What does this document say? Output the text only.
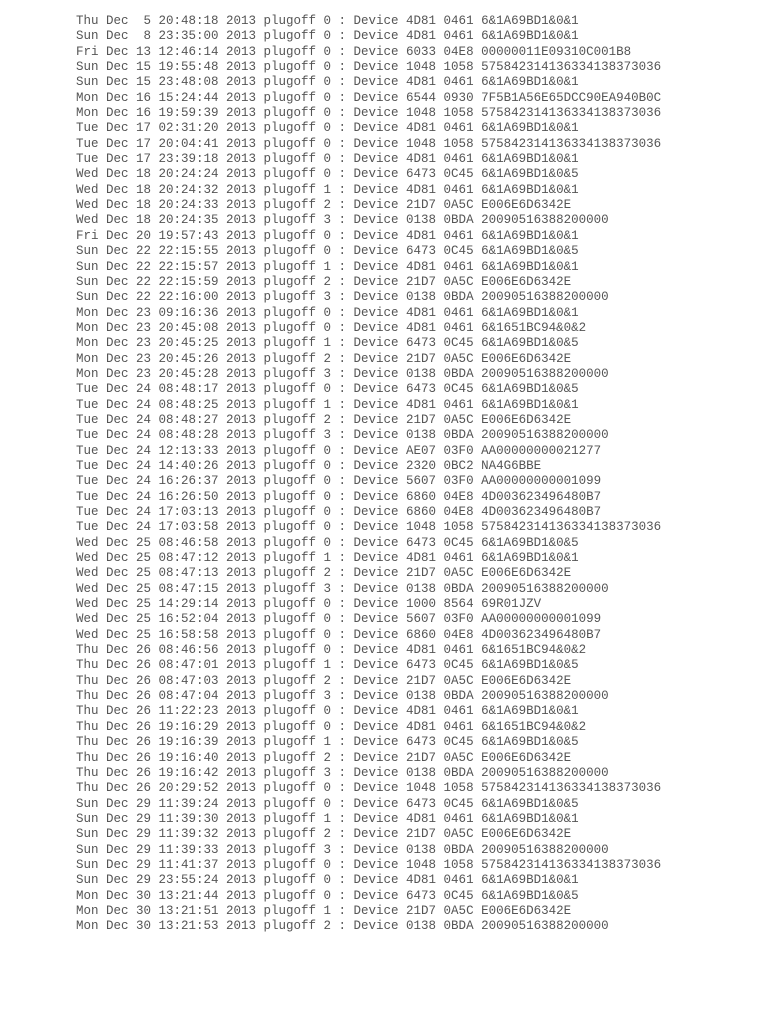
Thu Dec  5 20:48:18 2013 plugoff 0 : Device 4D81 0461 6&1A69BD1&0&1
Sun Dec  8 23:35:00 2013 plugoff 0 : Device 4D81 0461 6&1A69BD1&0&1
Fri Dec 13 12:46:14 2013 plugoff 0 : Device 6033 04E8 00000011E09310C001B8
Sun Dec 15 19:55:48 2013 plugoff 0 : Device 1048 1058 575842314136334138373036
Sun Dec 15 23:48:08 2013 plugoff 0 : Device 4D81 0461 6&1A69BD1&0&1
Mon Dec 16 15:24:44 2013 plugoff 0 : Device 6544 0930 7F5B1A56E65DCC90EA940B0C
Mon Dec 16 19:59:39 2013 plugoff 0 : Device 1048 1058 575842314136334138373036
Tue Dec 17 02:31:20 2013 plugoff 0 : Device 4D81 0461 6&1A69BD1&0&1
Tue Dec 17 20:04:41 2013 plugoff 0 : Device 1048 1058 575842314136334138373036
Tue Dec 17 23:39:18 2013 plugoff 0 : Device 4D81 0461 6&1A69BD1&0&1
Wed Dec 18 20:24:24 2013 plugoff 0 : Device 6473 0C45 6&1A69BD1&0&5
Wed Dec 18 20:24:32 2013 plugoff 1 : Device 4D81 0461 6&1A69BD1&0&1
Wed Dec 18 20:24:33 2013 plugoff 2 : Device 21D7 0A5C E006E6D6342E
Wed Dec 18 20:24:35 2013 plugoff 3 : Device 0138 0BDA 20090516388200000
Fri Dec 20 19:57:43 2013 plugoff 0 : Device 4D81 0461 6&1A69BD1&0&1
Sun Dec 22 22:15:55 2013 plugoff 0 : Device 6473 0C45 6&1A69BD1&0&5
Sun Dec 22 22:15:57 2013 plugoff 1 : Device 4D81 0461 6&1A69BD1&0&1
Sun Dec 22 22:15:59 2013 plugoff 2 : Device 21D7 0A5C E006E6D6342E
Sun Dec 22 22:16:00 2013 plugoff 3 : Device 0138 0BDA 20090516388200000
Mon Dec 23 09:16:36 2013 plugoff 0 : Device 4D81 0461 6&1A69BD1&0&1
Mon Dec 23 20:45:08 2013 plugoff 0 : Device 4D81 0461 6&1651BC94&0&2
Mon Dec 23 20:45:25 2013 plugoff 1 : Device 6473 0C45 6&1A69BD1&0&5
Mon Dec 23 20:45:26 2013 plugoff 2 : Device 21D7 0A5C E006E6D6342E
Mon Dec 23 20:45:28 2013 plugoff 3 : Device 0138 0BDA 20090516388200000
Tue Dec 24 08:48:17 2013 plugoff 0 : Device 6473 0C45 6&1A69BD1&0&5
Tue Dec 24 08:48:25 2013 plugoff 1 : Device 4D81 0461 6&1A69BD1&0&1
Tue Dec 24 08:48:27 2013 plugoff 2 : Device 21D7 0A5C E006E6D6342E
Tue Dec 24 08:48:28 2013 plugoff 3 : Device 0138 0BDA 20090516388200000
Tue Dec 24 12:13:33 2013 plugoff 0 : Device AE07 03F0 AA00000000021277
Tue Dec 24 14:40:26 2013 plugoff 0 : Device 2320 0BC2 NA4G6BBE
Tue Dec 24 16:26:37 2013 plugoff 0 : Device 5607 03F0 AA00000000001099
Tue Dec 24 16:26:50 2013 plugoff 0 : Device 6860 04E8 4D003623496480B7
Tue Dec 24 17:03:13 2013 plugoff 0 : Device 6860 04E8 4D003623496480B7
Tue Dec 24 17:03:58 2013 plugoff 0 : Device 1048 1058 575842314136334138373036
Wed Dec 25 08:46:58 2013 plugoff 0 : Device 6473 0C45 6&1A69BD1&0&5
Wed Dec 25 08:47:12 2013 plugoff 1 : Device 4D81 0461 6&1A69BD1&0&1
Wed Dec 25 08:47:13 2013 plugoff 2 : Device 21D7 0A5C E006E6D6342E
Wed Dec 25 08:47:15 2013 plugoff 3 : Device 0138 0BDA 20090516388200000
Wed Dec 25 14:29:14 2013 plugoff 0 : Device 1000 8564 69R01JZV
Wed Dec 25 16:52:04 2013 plugoff 0 : Device 5607 03F0 AA00000000001099
Wed Dec 25 16:58:58 2013 plugoff 0 : Device 6860 04E8 4D003623496480B7
Thu Dec 26 08:46:56 2013 plugoff 0 : Device 4D81 0461 6&1651BC94&0&2
Thu Dec 26 08:47:01 2013 plugoff 1 : Device 6473 0C45 6&1A69BD1&0&5
Thu Dec 26 08:47:03 2013 plugoff 2 : Device 21D7 0A5C E006E6D6342E
Thu Dec 26 08:47:04 2013 plugoff 3 : Device 0138 0BDA 20090516388200000
Thu Dec 26 11:22:23 2013 plugoff 0 : Device 4D81 0461 6&1A69BD1&0&1
Thu Dec 26 19:16:29 2013 plugoff 0 : Device 4D81 0461 6&1651BC94&0&2
Thu Dec 26 19:16:39 2013 plugoff 1 : Device 6473 0C45 6&1A69BD1&0&5
Thu Dec 26 19:16:40 2013 plugoff 2 : Device 21D7 0A5C E006E6D6342E
Thu Dec 26 19:16:42 2013 plugoff 3 : Device 0138 0BDA 20090516388200000
Thu Dec 26 20:29:52 2013 plugoff 0 : Device 1048 1058 575842314136334138373036
Sun Dec 29 11:39:24 2013 plugoff 0 : Device 6473 0C45 6&1A69BD1&0&5
Sun Dec 29 11:39:30 2013 plugoff 1 : Device 4D81 0461 6&1A69BD1&0&1
Sun Dec 29 11:39:32 2013 plugoff 2 : Device 21D7 0A5C E006E6D6342E
Sun Dec 29 11:39:33 2013 plugoff 3 : Device 0138 0BDA 20090516388200000
Sun Dec 29 11:41:37 2013 plugoff 0 : Device 1048 1058 575842314136334138373036
Sun Dec 29 23:55:24 2013 plugoff 0 : Device 4D81 0461 6&1A69BD1&0&1
Mon Dec 30 13:21:44 2013 plugoff 0 : Device 6473 0C45 6&1A69BD1&0&5
Mon Dec 30 13:21:51 2013 plugoff 1 : Device 21D7 0A5C E006E6D6342E
Mon Dec 30 13:21:53 2013 plugoff 2 : Device 0138 0BDA 20090516388200000
